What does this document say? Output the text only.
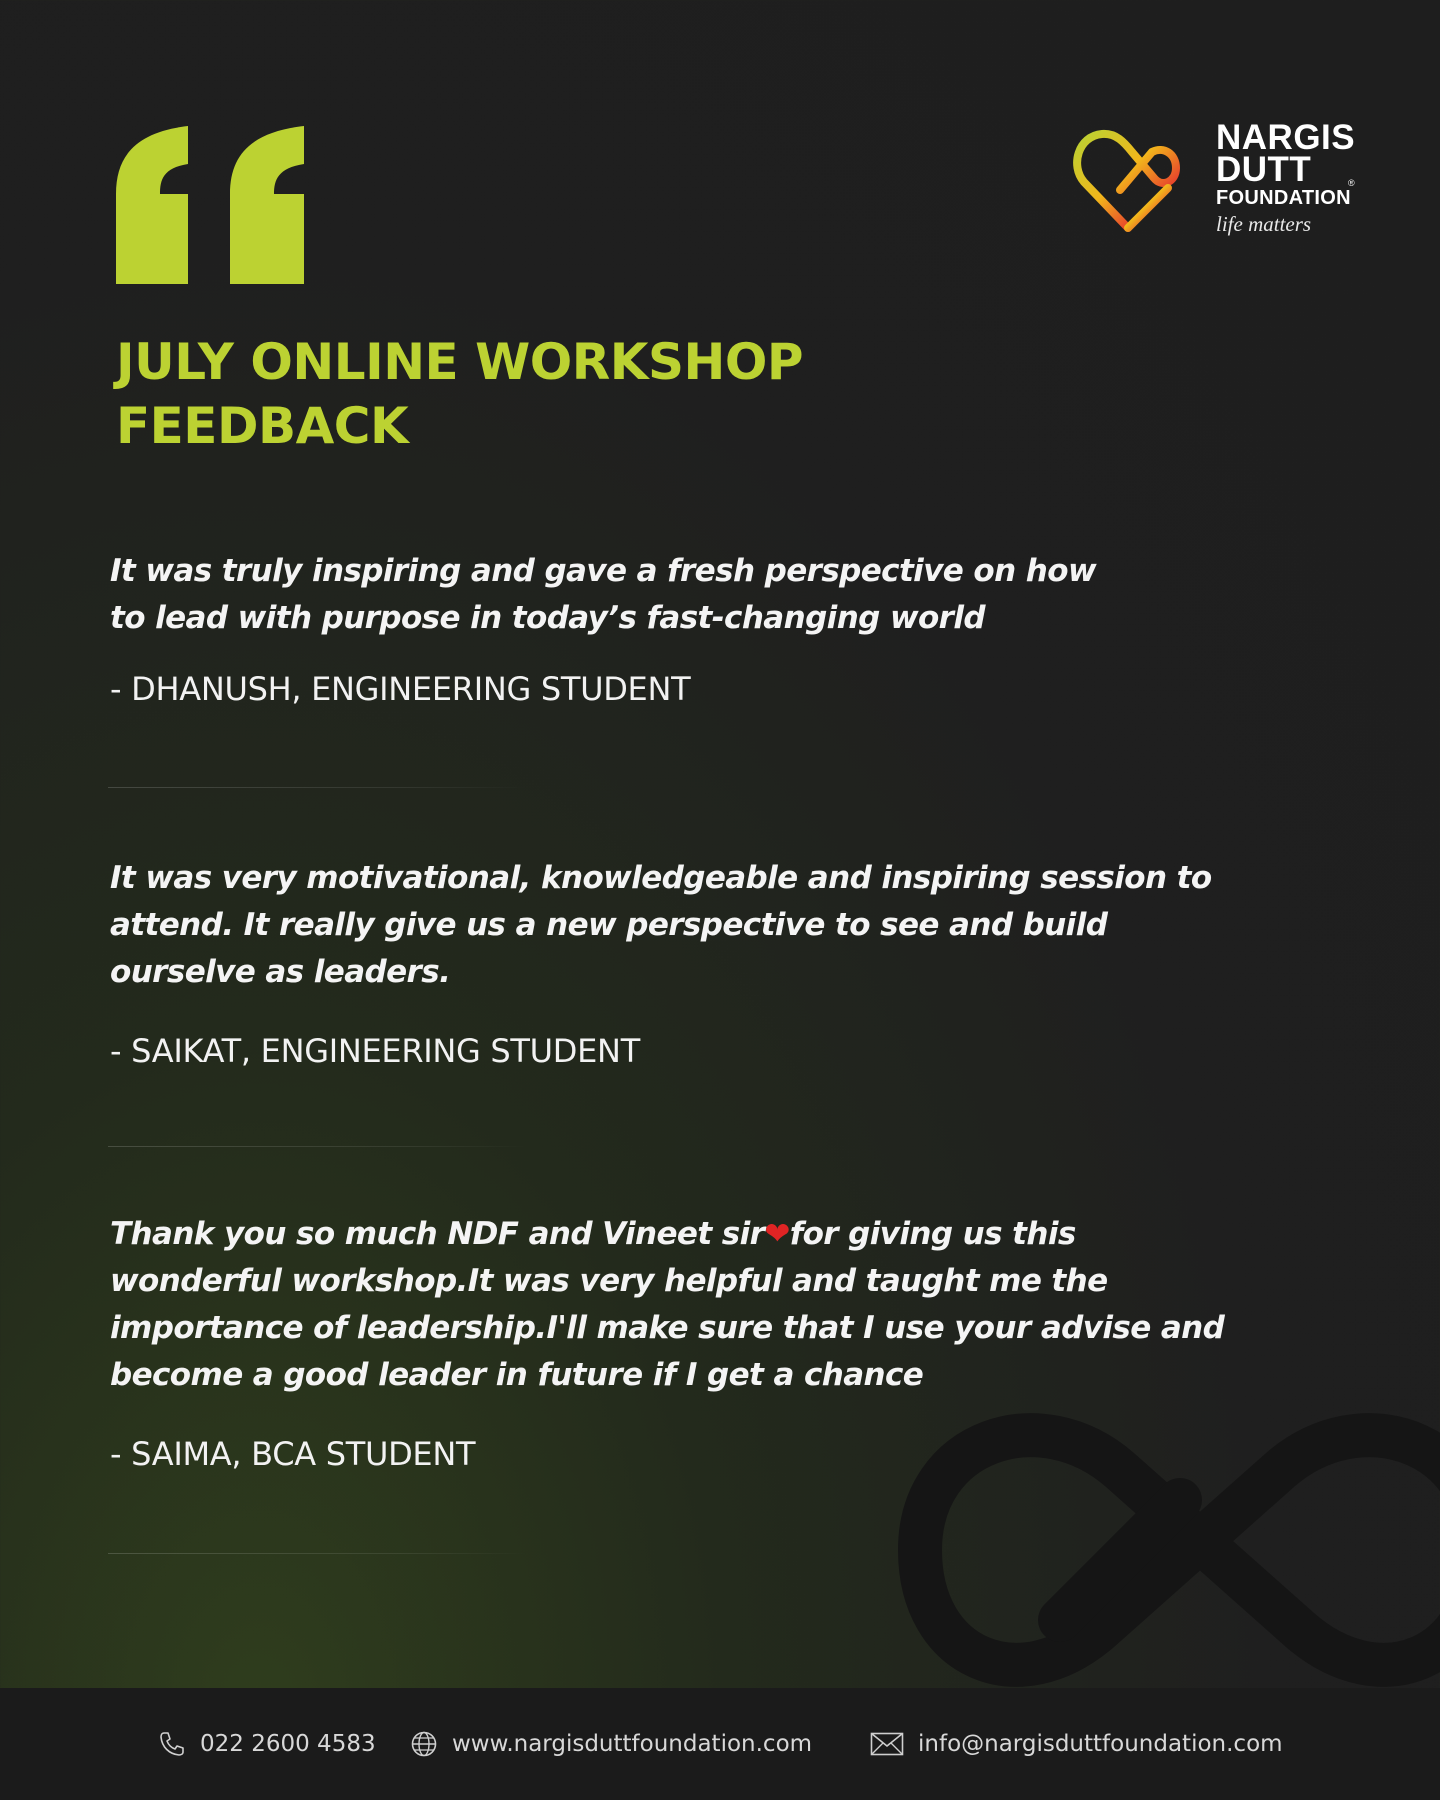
NARGIS
DUTT
FOUNDATION
life matters
®
JULY ONLINE WORKSHOP
FEEDBACK
It was truly inspiring and gave a fresh perspective on how
to lead with purpose in today’s fast-changing world
- DHANUSH, ENGINEERING STUDENT
It was very motivational, knowledgeable and inspiring session to
attend. It really give us a new perspective to see and build
ourselve as leaders.
- SAIKAT, ENGINEERING STUDENT
Thank you so much NDF and Vineet sir❤for giving us this
wonderful workshop.It was very helpful and taught me the
importance of leadership.I'll make sure that I use your advise and
become a good leader in future if I get a chance
- SAIMA, BCA STUDENT
022 2600 4583	www.nargisduttfoundation.com	info@nargisduttfoundation.com
